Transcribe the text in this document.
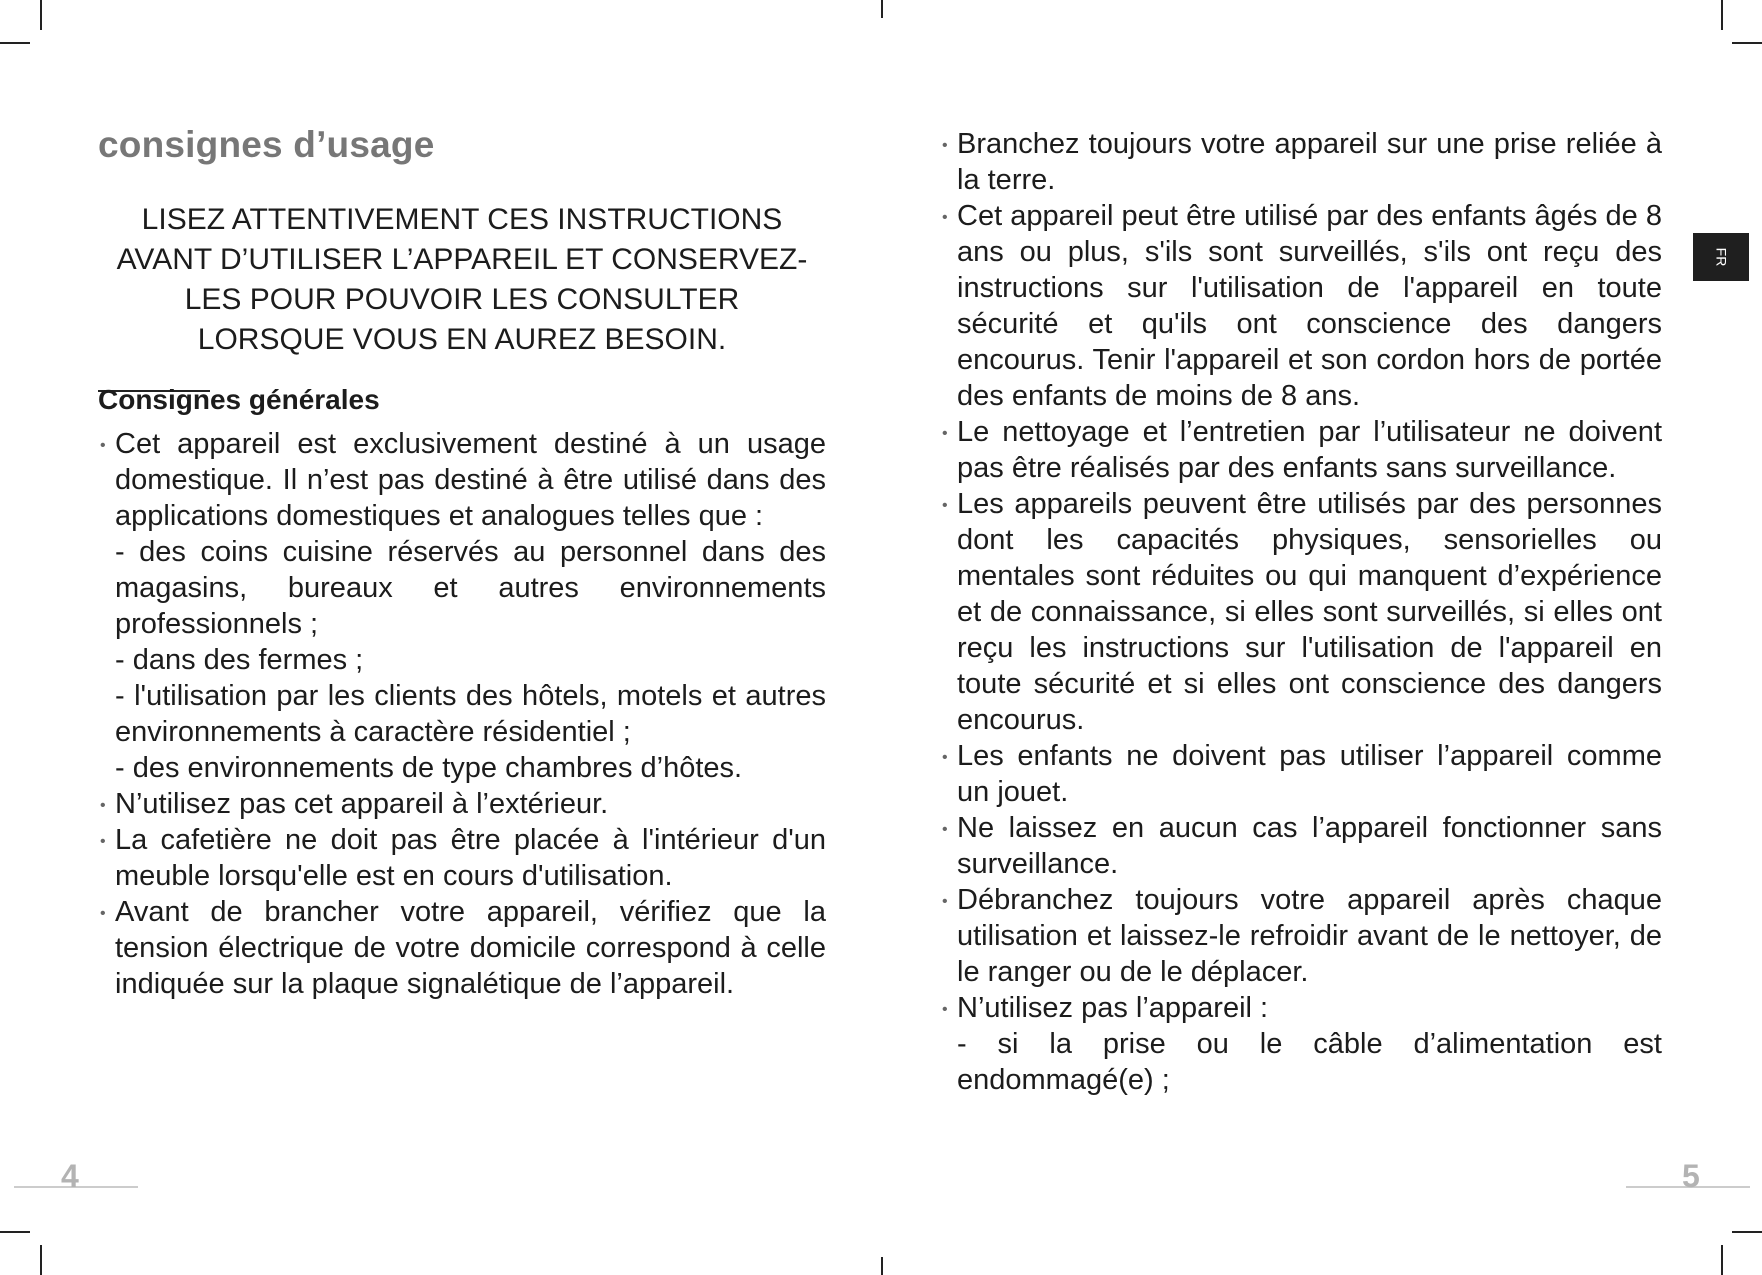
consignes d’usage
LISEZ ATTENTIVEMENT CES INSTRUCTIONS
AVANT D’UTILISER L’APPAREIL ET CONSERVEZ-
LES POUR POUVOIR LES CONSULTER
LORSQUE VOUS EN AUREZ BESOIN.
Consignes générales
• Cet appareil est exclusivement destiné à un usage domestique. Il n’est pas destiné à être utilisé dans des applications domestiques et analogues telles que :
- des coins cuisine réservés au personnel dans des magasins, bureaux et autres environnements professionnels ;
- dans des fermes ;
- l'utilisation par les clients des hôtels, motels et autres environnements à caractère résidentiel ;
- des environnements de type chambres d’hôtes.
• N’utilisez pas cet appareil à l’extérieur.
• La cafetière ne doit pas être placée à l'intérieur d'un meuble lorsqu'elle est en cours d'utilisation.
• Avant de brancher votre appareil, vérifiez que la tension électrique de votre domicile correspond à celle indiquée sur la plaque signalétique de l’appareil.
4
• Branchez toujours votre appareil sur une prise reliée à la terre.
• Cet appareil peut être utilisé par des enfants âgés de 8 ans ou plus, s'ils sont surveillés, s'ils ont reçu des instructions sur l'utilisation de l'appareil en toute sécurité et qu'ils ont conscience des dangers encourus. Tenir l'appareil et son cordon hors de portée des enfants de moins de 8 ans.
• Le nettoyage et l’entretien par l’utilisateur ne doivent pas être réalisés par des enfants sans surveillance.
• Les appareils peuvent être utilisés par des personnes dont les capacités physiques, sensorielles ou mentales sont réduites ou qui manquent d’expérience et de connaissance, si elles sont surveillés, si elles ont reçu les instructions sur l'utilisation de l'appareil en toute sécurité et si elles ont conscience des dangers encourus.
• Les enfants ne doivent pas utiliser l’appareil comme un jouet.
• Ne laissez en aucun cas l’appareil fonctionner sans surveillance.
• Débranchez toujours votre appareil après chaque utilisation et laissez-le refroidir avant de le nettoyer, de le ranger ou de le déplacer.
• N’utilisez pas l’appareil :
- si la prise ou le câble d’alimentation est endommagé(e) ;
FR
5
